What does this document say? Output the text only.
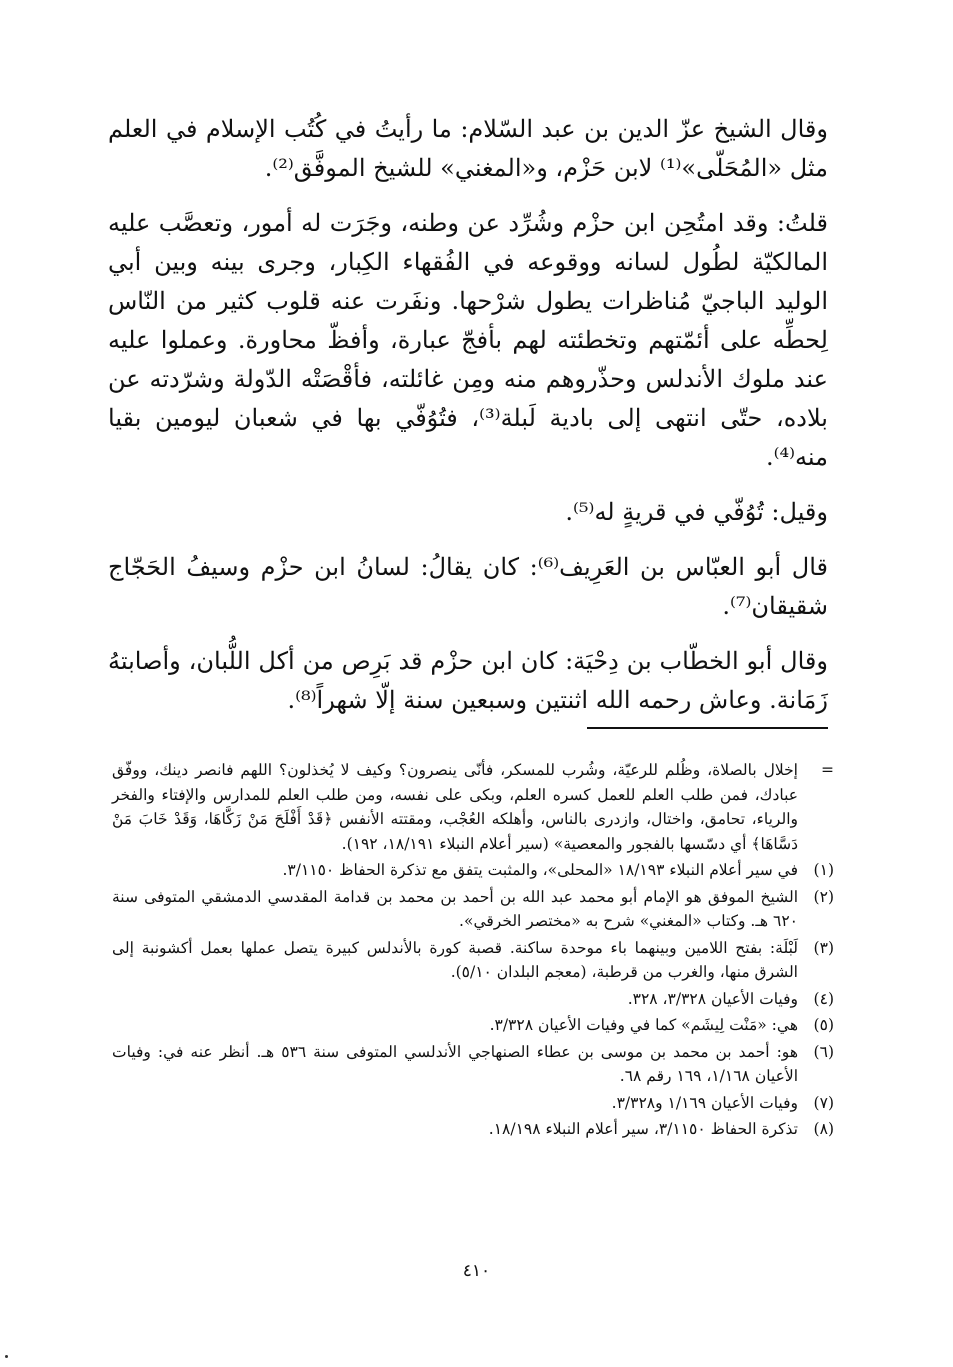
وقال الشيخ عزّ الدين بن عبد السّلام: ما رأيتُ في كُتُب الإسلام في العلم مثل «المُحَلّى»⁽¹⁾ لابن حَزْم، و«المغني» للشيخ الموفَّق⁽²⁾.

قلتُ: وقد امتُحِن ابن حزْم وشُرِّد عن وطنه، وجَرَت له أمور، وتعصَّب عليه المالكيّة لطُول لسانه ووقوعه في الفُقهاء الكِبار، وجرى بينه وبين أبي الوليد الباجيّ مُناظرات يطول شرْحها. ونفَرت عنه قلوب كثير من النّاس لِحطِّه على أئمّتهم وتخطئته لهم بأفجّ عبارة، وأفظّ محاورة. وعملوا عليه عند ملوك الأندلس وحذّروهم منه ومِن غائلته، فأقْصَتْه الدّولة وشرّدته عن بلاده، حتّى انتهى إلى بادية لَبلة⁽³⁾، فتُوُفّي بها في شعبان ليومين بقيا منه⁽⁴⁾.

وقيل: تُوُفّي في قريةٍ له⁽⁵⁾.

قال أبو العبّاس بن العَرِيف⁽⁶⁾: كان يقالُ: لسانُ ابن حزْم وسيفُ الحَجّاج شقيقان⁽⁷⁾.

وقال أبو الخطّاب بن دِحْيَة: كان ابن حزْم قد بَرِص من أكل اللُّبان، وأصابتهُ زَمَانة. وعاش رحمه الله اثنتين وسبعين سنة إلّا شهراً⁽⁸⁾.

=
إخلال بالصلاة، وظُلم للرعيّة، وشُرب للمسكر، فأنّى ينصرون؟ وكيف لا يُخذلون؟ اللهم فانصر دينك، ووفّق عبادك، فمن طلب العلم للعمل كسره العلم، وبكى على نفسه، ومن طلب العلم للمدارس والإفتاء والفخر والرياء، تحامق، واختال، وازدرى بالناس، وأهلكه العُجْب، ومقتته الأنفس ﴿قَدْ أَفْلَحَ مَنْ زَكَّاهَا، وَقَدْ خَابَ مَنْ دَسَّاهَا﴾ أي دسّسها بالفجور والمعصية» (سير أعلام النبلاء ١٨/١٩١، ١٩٢).
(١)
في سير أعلام النبلاء ١٨/١٩٣ «المحلى»، والمثبت يتفق مع تذكرة الحفاظ ٣/١١٥٠.
(٢)
الشيخ الموفق هو الإمام أبو محمد عبد الله بن أحمد بن محمد بن قدامة المقدسي الدمشقي المتوفى سنة ٦٢٠ هـ. وكتاب «المغني» شرح به «مختصر الخرقي».
(٣)
لَبْلَة: بفتح اللامين وبينهما باء موحدة ساكنة. قصبة كورة بالأندلس كبيرة يتصل عملها بعمل أكشونبة إلى الشرق منها، والغرب من قرطبة، (معجم البلدان ٥/١٠).
(٤)
وفيات الأعيان ٣/٣٢٨، ٣٢٨.
(٥)
هي: «مَنْت لِيشَم» كما في وفيات الأعيان ٣/٣٢٨.
(٦)
هو: أحمد بن محمد بن موسى بن عطاء الصنهاجي الأندلسي المتوفى سنة ٥٣٦ هـ. أنظر عنه في: وفيات الأعيان ١/١٦٨، ١٦٩ رقم ٦٨.
(٧)
وفيات الأعيان ١/١٦٩ و٣/٣٢٨.
(٨)
تذكرة الحفاظ ٣/١١٥٠، سير أعلام النبلاء ١٨/١٩٨.
٤١٠
